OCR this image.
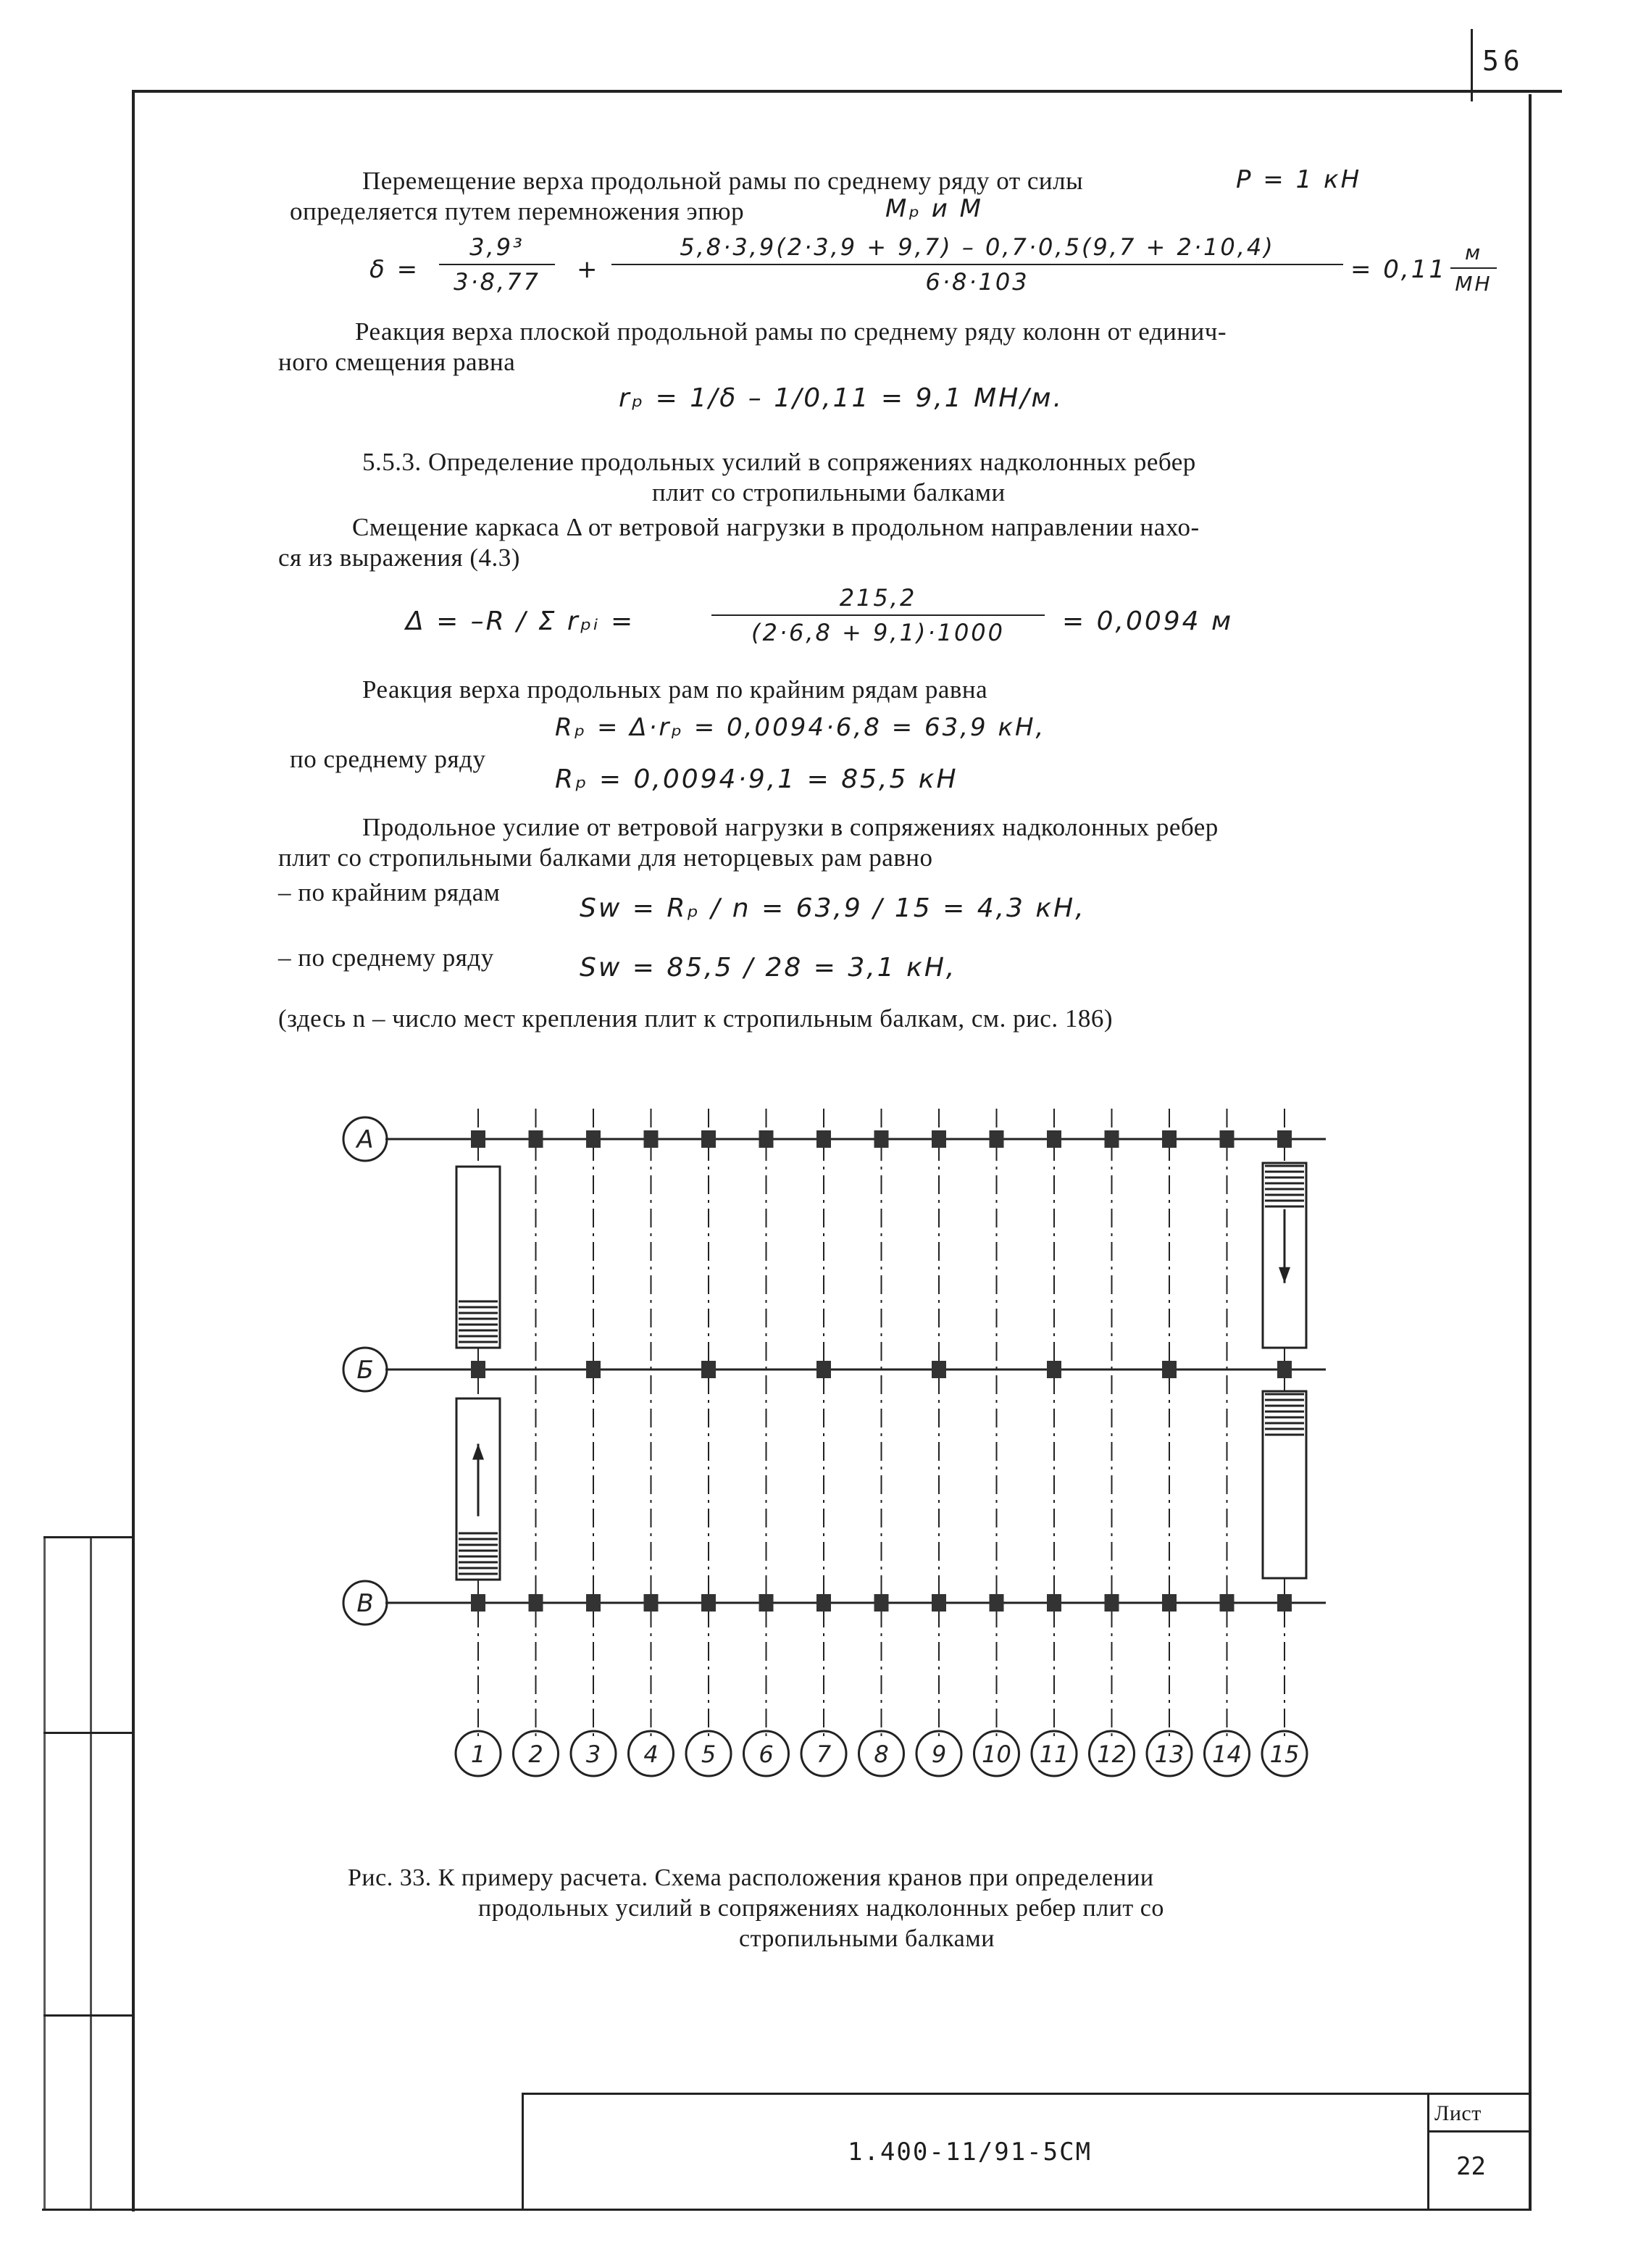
56
1.400-11/91-5СМ
Лист
22
Перемещение верха продольной рамы по среднему ряду от силы	P = 1 кН
определяется путем перемножения эпюр	Mₚ и M
δ =
3,9³
3·8,77 +
5,8·3,9(2·3,9 + 9,7) – 0,7·0,5(9,7 + 2·10,4)
6·8·103	= 0,11
м
МН
Реакция верха плоской продольной рамы по среднему ряду колонн от единич-
ного смещения равна
rₚ = 1/δ – 1/0,11 = 9,1 МН/м.
5.5.3. Определение продольных усилий в сопряжениях надколонных ребер
плит со стропильными балками
Смещение каркаса Δ от ветровой нагрузки в продольном направлении нахо-
ся из выражения (4.3)
Δ = –R / Σ rₚᵢ =
215,2
(2·6,8 + 9,1)·1000 = 0,0094 м
Реакция верха продольных рам по крайним рядам равна
Rₚ = Δ·rₚ = 0,0094·6,8 = 63,9 кН,
по среднему ряду
Rₚ = 0,0094·9,1 = 85,5 кН
Продольное усилие от ветровой нагрузки в сопряжениях надколонных ребер
плит со стропильными балками для неторцевых рам равно
– по крайним рядам
Sw = Rₚ / n = 63,9 / 15 = 4,3 кН,
– по среднему ряду	Sw = 85,5 / 28 = 3,1 кН,
(здесь n – число мест крепления плит к стропильным балкам, см. рис. 186)
А
Б
В
1 2 3 4 5 6 7 8 9 10 11 12 13 14 15
Рис. 33. К примеру расчета. Схема расположения кранов при определении
продольных усилий в сопряжениях надколонных ребер плит со
стропильными балками
